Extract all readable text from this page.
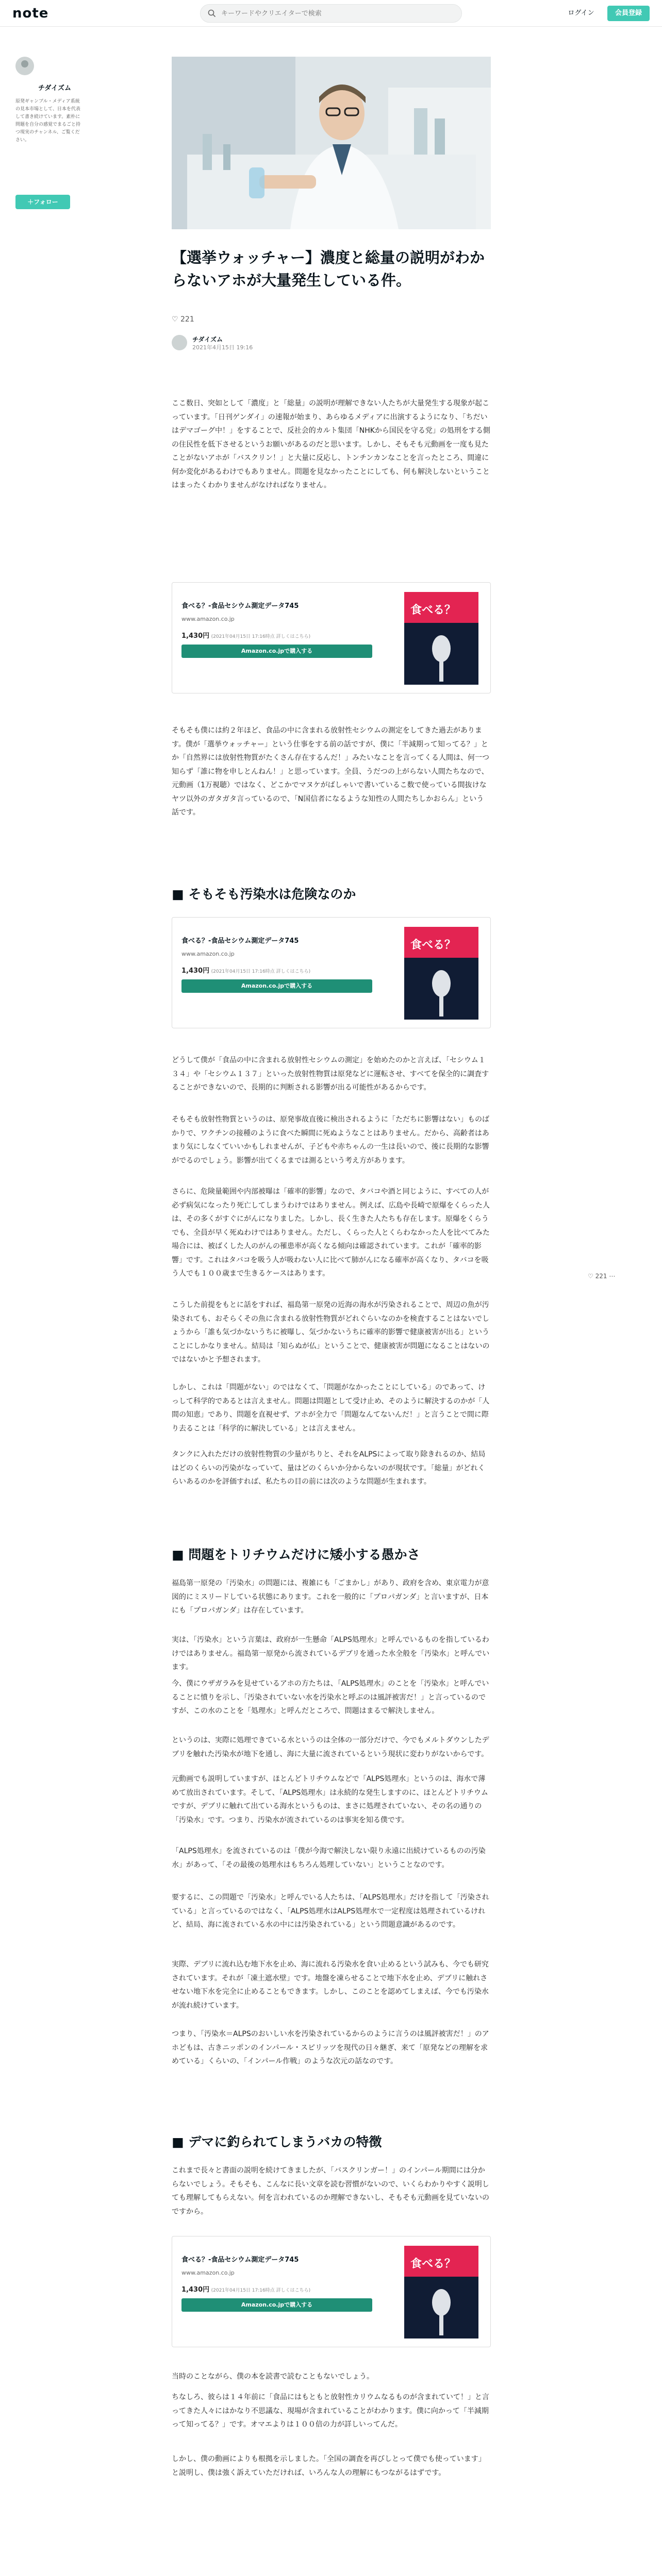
note
キーワードやクリエイターで検索	ログイン	会員登録
チダイズム
原発ギャンブル・メディア系統の見本市場として、日本を代表して書き続けています。素朴に問題を自分の感覚でまるごと持つ現実のチャンネル、ご覧ください。
＋フォロー
【選挙ウォッチャー】濃度と総量の説明がわからないアホが大量発生している件。
♡ 221
チダイズム
2021年4月15日 19:16
ここ数日、突如として「濃度」と「総量」の説明が理解できない人たちが大量発生する現象が起こっています。「日刊ゲンダイ」の速報が始まり、あらゆるメディアに出演するようになり、「ちだいはデマゴーグ中！」をすることで、反社会的カルト集団「NHKから国民を守る党」の処刑をする側の住民性を低下させるというお願いがあるのだと思います。しかし、そもそも元動画を一度も見たことがないアホが「バスクリン！」と大量に反応し、トンチンカンなことを言ったところ、間違に何か変化があるわけでもありません。問題を見なかったことにしても、何も解決しないということはまったくわかりませんがなければなりません。
食べる？-食品セシウム測定データ745
www.amazon.co.jp
1,430円 (2021年04月15日 17:16時点 詳しくはこちら)
Amazon.co.jpで購入する
食べる？
そもそも僕には約２年ほど、食品の中に含まれる放射性セシウムの測定をしてきた過去があります。僕が「選挙ウォッチャー」という仕事をする前の話ですが、僕に「半減期って知ってる？」とか「自然界には放射性物質がたくさん存在するんだ！」みたいなことを言ってくる人間は、何一つ知らず「誰に物を申しとんねん！」と思っています。全員、うだつの上がらない人間たちなので、元動画（1万視聴）ではなく、どこかでマヌケがばしゃいで書いているこ数で使っている間抜けなヤツ以外のガタガタ言っているので、「N国信者になるような知性の人間たちしかおらん」という話です。
■ そもそも汚染水は危険なのか
食べる？-食品セシウム測定データ745
www.amazon.co.jp
1,430円 (2021年04月15日 17:16時点 詳しくはこちら)
Amazon.co.jpで購入する
食べる？
どうして僕が「食品の中に含まれる放射性セシウムの測定」を始めたのかと言えば、「セシウム１３４」や「セシウム１３７」といった放射性物質は原発などに運転させ、すべてを保全的に調査することができないので、長期的に判断される影響が出る可能性があるからです。
そもそも放射性物質というのは、原発事故直後に検出されるように「ただちに影響はない」ものばかりで、ワクチンの接種のように食べた瞬間に死ぬようなことはありません。だから、高齢者はあまり気にしなくていいかもしれませんが、子どもや赤ちゃんの一生は長いので、後に長期的な影響がでるのでしょう。影響が出てくるまでは測るという考え方があります。
さらに、危険量範囲や内部被曝は「確率的影響」なので、タバコや酒と同じように、すべての人が必ず病気になったり死亡してしまうわけではありません。例えば、広島や長崎で原爆をくらった人は、その多くがすぐにがんになりました。しかし、長く生きた人たちも存在します。原爆をくらうでも、全員が早く死ぬわけではありません。ただし、くらった人とくらわなかった人を比べてみた場合には、被ばくした人のがんの罹患率が高くなる傾向は確認されています。これが「確率的影響」です。これはタバコを吸う人が吸わない人に比べて肺がんになる確率が高くなり、タバコを吸う人でも１００歳まで生きるケースはあります。
こうした前提をもとに話をすれば、福島第一原発の近海の海水が汚染されることで、周辺の魚が汚染されても、おそらくその魚に含まれる放射性物質がどれぐらいなのかを検査することはないでしょうから「誰も気づかないうちに被曝し、気づかないうちに確率的影響で健康被害が出る」ということにしかなりません。結局は「知らぬが仏」ということで、健康被害が問題になることはないのではないかと予想されます。
しかし、これは「問題がない」のではなくて、「問題がなかったことにしている」のであって、けっして科学的であるとは言えません。問題は問題として受け止め、そのように解決するのかが「人間の知恵」であり、問題を直視せず、アホが全力で「問題なんてないんだ！」と言うことで間に際り去ることは「科学的に解決している」とは言えません。
タンクに入れただけの放射性物質の少量がちりと、それをALPSによって取り除きれるのか、結局はどのくらいの汚染がなっていて、量はどのくらいか分からないのが現状です。「総量」がどれくらいあるのかを評価すれば、私たちの目の前には次のような問題が生まれます。
■ 問題をトリチウムだけに矮小する愚かさ
福島第一原発の「汚染水」の問題には、複雑にも「ごまかし」があり、政府を含め、東京電力が意図的にミスリードしている状態にあります。これを一般的に「プロパガンダ」と言いますが、日本にも「プロパガンダ」は存在しています。
実は、「汚染水」という言葉は、政府が一生懸命「ALPS処理水」と呼んでいるものを指しているわけではありません。福島第一原発から流されているデブリを通った水全般を「汚染水」と呼んでいます。
今、僕にウザガラみを見せているアホの方たちは、「ALPS処理水」のことを「汚染水」と呼んでいることに憤りを示し、「汚染されていない水を汚染水と呼ぶのは風評被害だ！」と言っているのですが、この水のことを「処理水」と呼んだところで、問題はまるで解決しません。
というのは、実際に処理できている水というのは全体の一部分だけで、今でもメルトダウンしたデブリを触れた汚染水が地下を通し、海に大量に流されているという現状に変わりがないからです。
元動画でも説明していますが、ほとんどトリチウムなどで「ALPS処理水」というのは、海水で薄めて放出されています。そして、「ALPS処理水」は永続的な発生しますのに、ほとんどトリチウムですが、デブリに触れて出ている海水というものは、まさに処理されていない、その名の通りの「汚染水」です。つまり、汚染水が流されているのは事実を知る僕です。
「ALPS処理水」を流されているのは「僕が今海で解決しない限り永遠に出続けているものの汚染水」があって、「その最後の処理水はもちろん処理していない」ということなのです。
要するに、この問題で「汚染水」と呼んでいる人たちは、「ALPS処理水」だけを指して「汚染されている」と言っているのではなく、「ALPS処理水はALPS処理水で一定程度は処理されているけれど、結局、海に流されている水の中には汚染されている」という問題意識があるのです。
実際、デブリに流れ込む地下水を止め、海に流れる汚染水を食い止めるという試みも、今でも研究されています。それが「凍土遮水壁」です。地盤を凍らせることで地下水を止め、デブリに触れさせない地下水を完全に止めることもできます。しかし、このことを認めてしまえば、今でも汚染水が流れ続けています。
つまり、「汚染水＝ALPSのおいしい水を汚染されているからのように言うのは風評被害だ！」のアホどもは、古きニッポンのインパール・スピリッツを現代の日々継ぎ、来て「原発などの理解を求めている」くらいの、「インパール作戦」のような次元の話なのです。
■ デマに釣られてしまうバカの特徴
これまで長々と書面の説明を続けてきましたが、「バスクリンガー！」のインパール期間には分からないでしょう。そもそも、こんなに長い文章を読む習慣がないので、いくらわかりやすく説明しても理解してもらえない。何を言われているのか理解できないし、そもそも元動画を見ていないのですから。
食べる？-食品セシウム測定データ745
www.amazon.co.jp
1,430円 (2021年04月15日 17:16時点 詳しくはこちら)
Amazon.co.jpで購入する
食べる？
当時のことながら、僕の本を読書で読むこともないでしょう。
ちなしろ、彼らは１４年前に「食品にはもともと放射性カリウムなるものが含まれていて！」と言ってきた人々にはかなり不思議な、現場が含まれていることがわかります。僕に向かって「半減期って知ってる？」です。オマエよりは１００倍の力が詳しいってんだ。
しかし、僕の動画によりも根拠を示しました。「全国の調査を再びしとって僕でも使っています」と説明し、僕は強く訴えていただければ、いろんな人の理解にもつながるはずです。
♡ 221 ⋯
